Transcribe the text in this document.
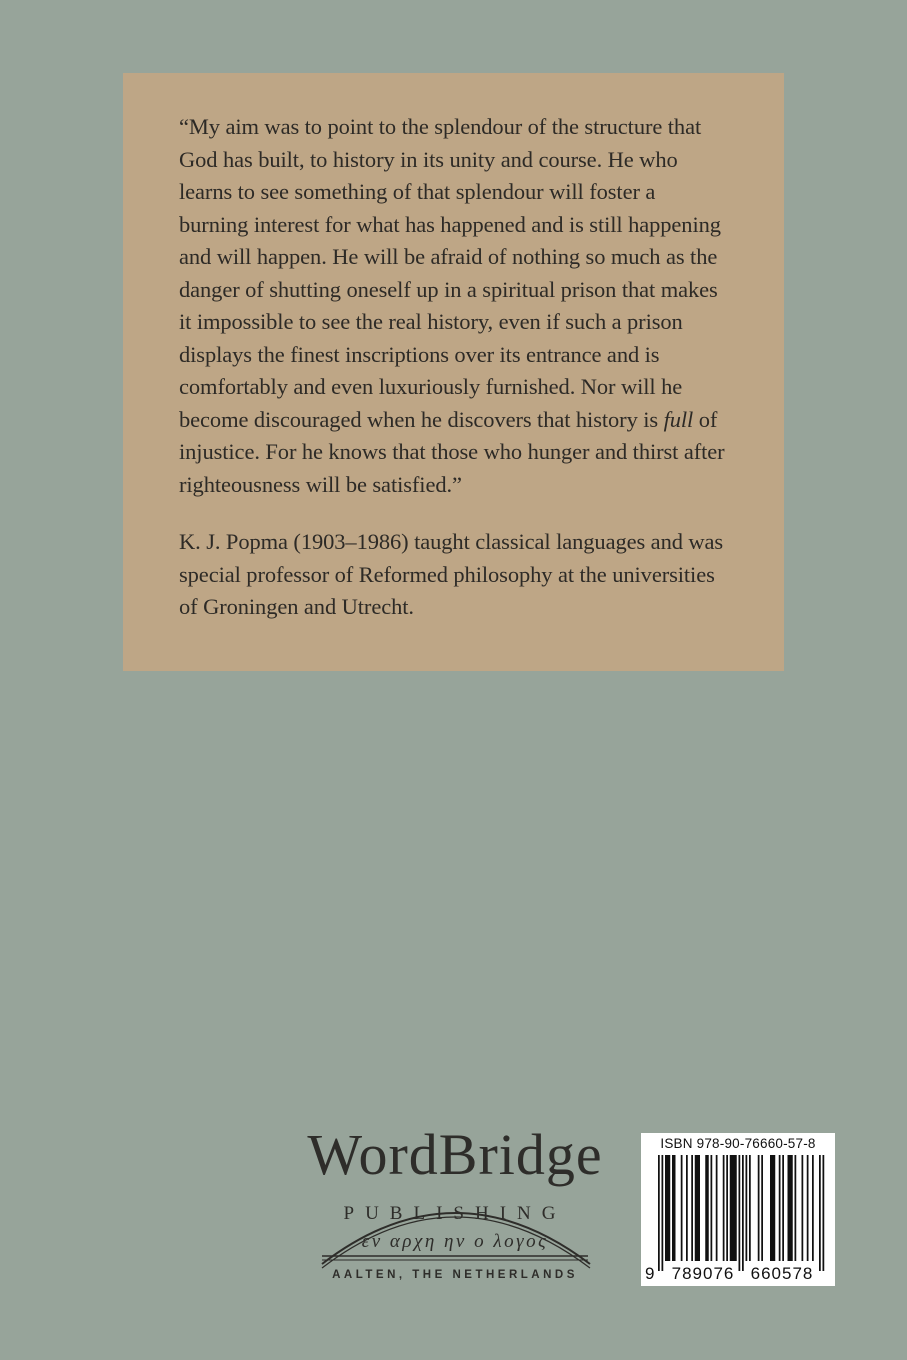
“My aim was to point to the splendour of the structure that God has built, to history in its unity and course. He who learns to see something of that splendour will foster a burning interest for what has happened and is still happening and will happen. He will be afraid of nothing so much as the danger of shutting oneself up in a spiritual prison that makes it impossible to see the real history, even if such a prison displays the finest inscriptions over its entrance and is comfortably and even luxuriously furnished. Nor will he become discouraged when he discovers that history is full of injustice. For he knows that those who hunger and thirst after righteousness will be satisfied.”

K. J. Popma (1903–1986) taught classical languages and was special professor of Reformed philosophy at the universities of Groningen and Utrecht.

WordBridge
PUBLISHING
εν αρχη ην ο λογος
AALTEN, THE NETHERLANDS
ISBN 978-90-76660-57-8
9 789076 660578
